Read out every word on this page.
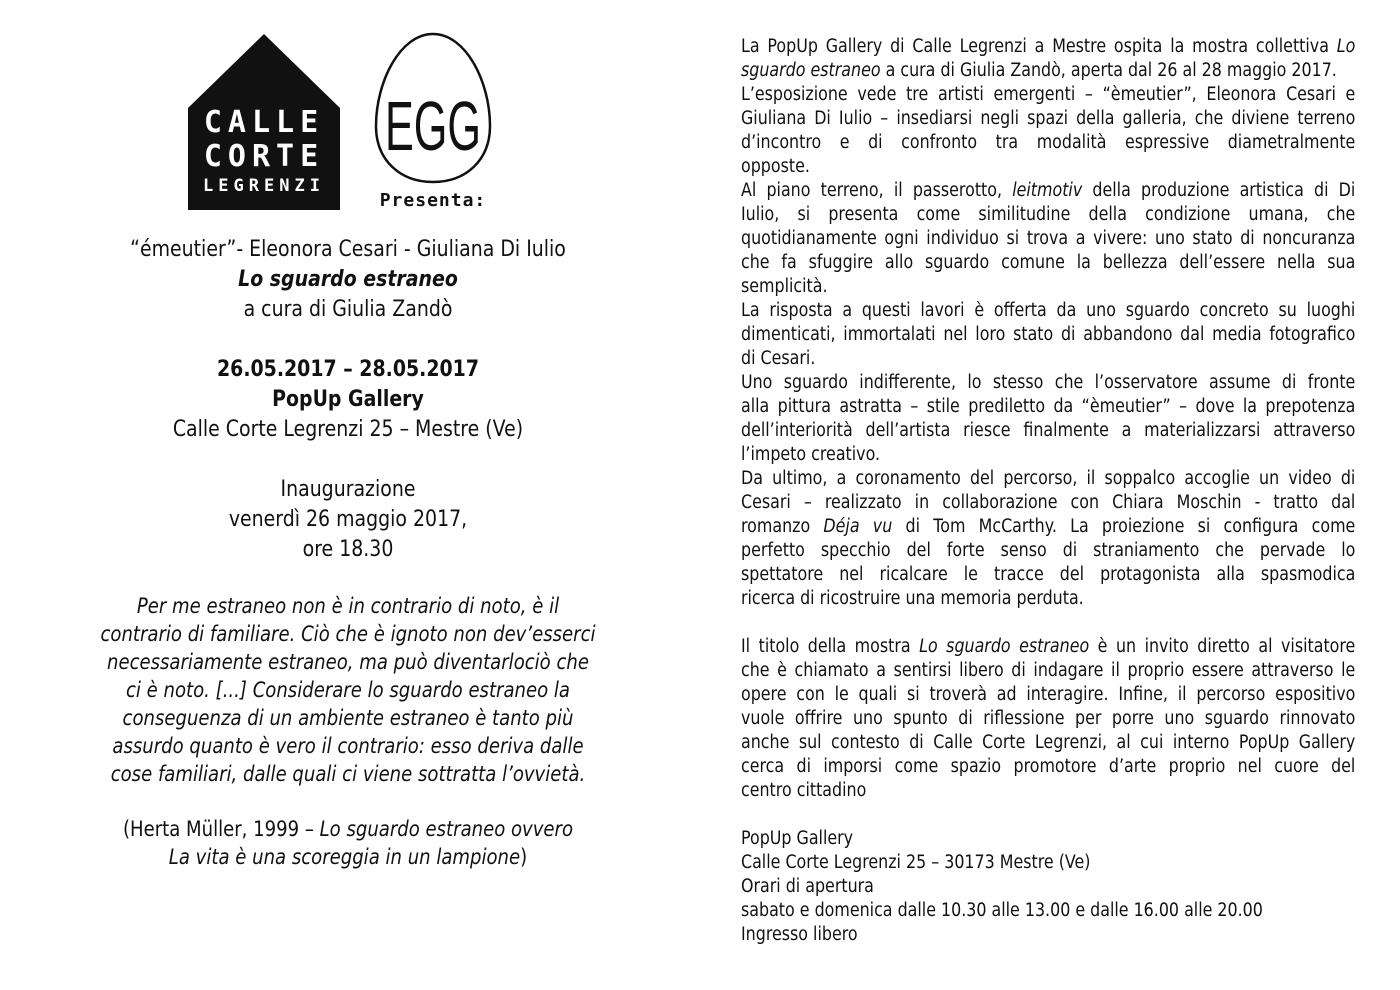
CALLE
CORTE
LEGRENZI
EGG
Presenta:
“émeutier”- Eleonora Cesari - Giuliana Di Iulio
Lo sguardo estraneo
a cura di Giulia Zandò
26.05.2017 – 28.05.2017
PopUp Gallery
Calle Corte Legrenzi 25 – Mestre (Ve)
Inaugurazione
venerdì 26 maggio 2017,
ore 18.30
Per me estraneo non è in contrario di noto, è il
contrario di familiare. Ciò che è ignoto non dev’esserci
necessariamente estraneo, ma può diventarlociò che
ci è noto. [...] Considerare lo sguardo estraneo la
conseguenza di un ambiente estraneo è tanto più
assurdo quanto è vero il contrario: esso deriva dalle
cose familiari, dalle quali ci viene sottratta l’ovvietà.
(Herta Müller, 1999 – Lo sguardo estraneo ovvero
La vita è una scoreggia in un lampione)
La PopUp Gallery di Calle Legrenzi a Mestre ospita la mostra collettiva Lo
sguardo estraneo a cura di Giulia Zandò, aperta dal 26 al 28 maggio 2017.
L’esposizione vede tre artisti emergenti – “èmeutier”, Eleonora Cesari e
Giuliana Di Iulio – insediarsi negli spazi della galleria, che diviene terreno
d’incontro e di confronto tra modalità espressive diametralmente
opposte.
Al piano terreno, il passerotto, leitmotiv della produzione artistica di Di
Iulio, si presenta come similitudine della condizione umana, che
quotidianamente ogni individuo si trova a vivere: uno stato di noncuranza
che fa sfuggire allo sguardo comune la bellezza dell’essere nella sua
semplicità.
La risposta a questi lavori è offerta da uno sguardo concreto su luoghi
dimenticati, immortalati nel loro stato di abbandono dal media fotografico
di Cesari.
Uno sguardo indifferente, lo stesso che l’osservatore assume di fronte
alla pittura astratta – stile prediletto da “èmeutier” – dove la prepotenza
dell’interiorità dell’artista riesce finalmente a materializzarsi attraverso
l’impeto creativo.
Da ultimo, a coronamento del percorso, il soppalco accoglie un video di
Cesari – realizzato in collaborazione con Chiara Moschin - tratto dal
romanzo Déja vu di Tom McCarthy. La proiezione si configura come
perfetto specchio del forte senso di straniamento che pervade lo
spettatore nel ricalcare le tracce del protagonista alla spasmodica
ricerca di ricostruire una memoria perduta.
Il titolo della mostra Lo sguardo estraneo è un invito diretto al visitatore
che è chiamato a sentirsi libero di indagare il proprio essere attraverso le
opere con le quali si troverà ad interagire. Infine, il percorso espositivo
vuole offrire uno spunto di riflessione per porre uno sguardo rinnovato
anche sul contesto di Calle Corte Legrenzi, al cui interno PopUp Gallery
cerca di imporsi come spazio promotore d’arte proprio nel cuore del
centro cittadino
PopUp Gallery
Calle Corte Legrenzi 25 – 30173 Mestre (Ve)
Orari di apertura
sabato e domenica dalle 10.30 alle 13.00 e dalle 16.00 alle 20.00
Ingresso libero
